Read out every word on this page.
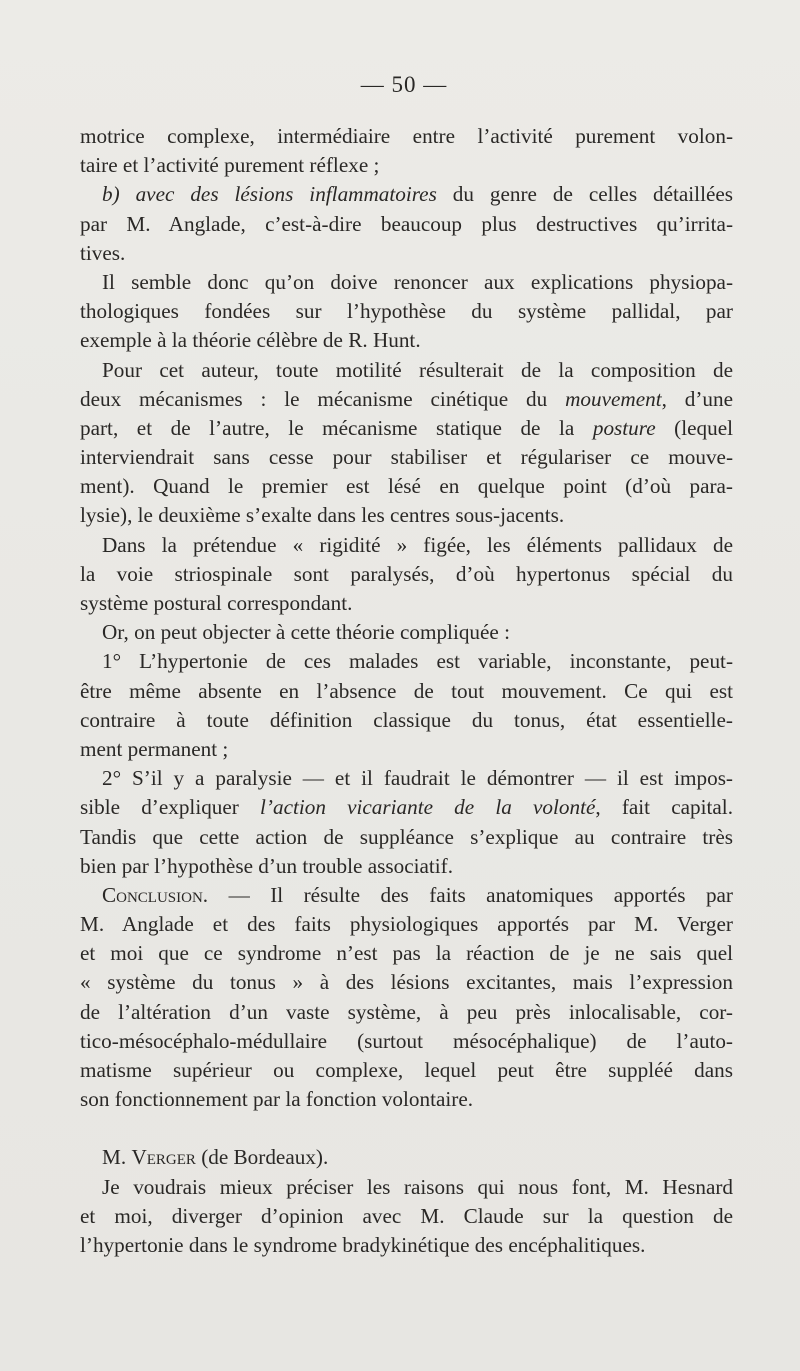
— 50 —
motrice complexe, intermédiaire entre l’activité purement volon-
taire et l’activité purement réflexe ;
b) avec des lésions inflammatoires du genre de celles détaillées
par M. Anglade, c’est-à-dire beaucoup plus destructives qu’irrita-
tives.
Il semble donc qu’on doive renoncer aux explications physiopa-
thologiques fondées sur l’hypothèse du système pallidal, par
exemple à la théorie célèbre de R. Hunt.
Pour cet auteur, toute motilité résulterait de la composition de
deux mécanismes : le mécanisme cinétique du mouvement, d’une
part, et de l’autre, le mécanisme statique de la posture (lequel
interviendrait sans cesse pour stabiliser et régulariser ce mouve-
ment). Quand le premier est lésé en quelque point (d’où para-
lysie), le deuxième s’exalte dans les centres sous-jacents.
Dans la prétendue « rigidité » figée, les éléments pallidaux de
la voie striospinale sont paralysés, d’où hypertonus spécial du
système postural correspondant.
Or, on peut objecter à cette théorie compliquée :
1° L’hypertonie de ces malades est variable, inconstante, peut-
être même absente en l’absence de tout mouvement. Ce qui est
contraire à toute définition classique du tonus, état essentielle-
ment permanent ;
2° S’il y a paralysie — et il faudrait le démontrer — il est impos-
sible d’expliquer l’action vicariante de la volonté, fait capital.
Tandis que cette action de suppléance s’explique au contraire très
bien par l’hypothèse d’un trouble associatif.
Conclusion. — Il résulte des faits anatomiques apportés par
M. Anglade et des faits physiologiques apportés par M. Verger
et moi que ce syndrome n’est pas la réaction de je ne sais quel
« système du tonus » à des lésions excitantes, mais l’expression
de l’altération d’un vaste système, à peu près inlocalisable, cor-
tico-mésocéphalo-médullaire (surtout mésocéphalique) de l’auto-
matisme supérieur ou complexe, lequel peut être suppléé dans
son fonctionnement par la fonction volontaire.
M. Verger (de Bordeaux).
Je voudrais mieux préciser les raisons qui nous font, M. Hesnard
et moi, diverger d’opinion avec M. Claude sur la question de
l’hypertonie dans le syndrome bradykinétique des encéphalitiques.
